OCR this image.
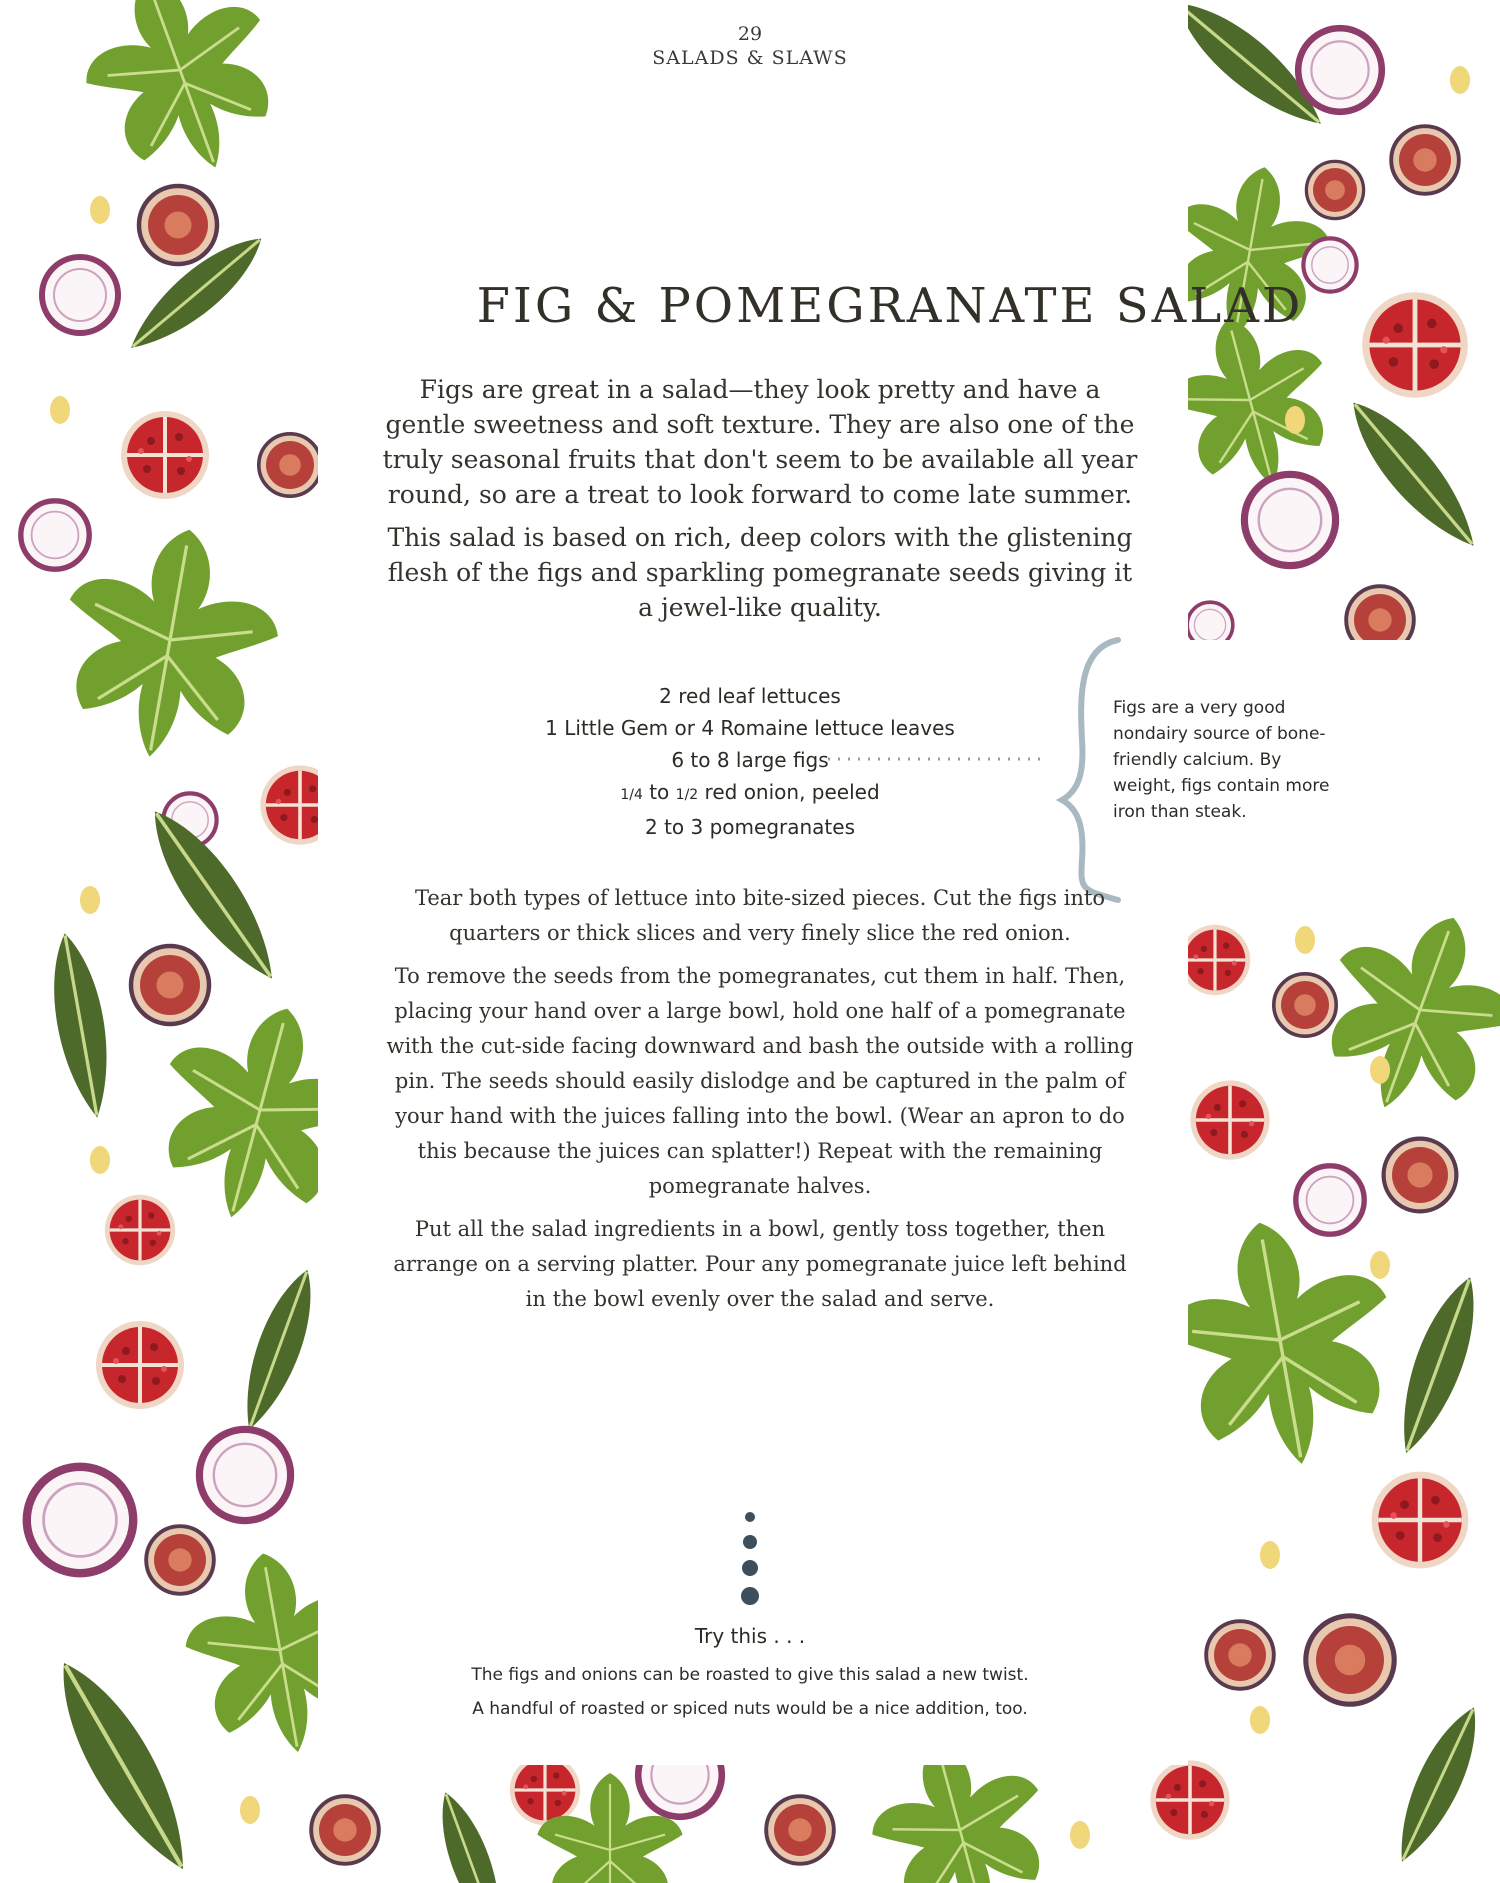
29
SALADS & SLAWS
FIG & POMEGRANATE SALAD

Figs are great in a salad—they look pretty and have a gentle sweetness and soft texture. They are also one of the truly seasonal fruits that don't seem to be available all year round, so are a treat to look forward to come late summer.

This salad is based on rich, deep colors with the glistening flesh of the figs and sparkling pomegranate seeds giving it a jewel-like quality.

2 red leaf lettuces
1 Little Gem or 4 Romaine lettuce leaves
6 to 8 large figs
1/4 to 1/2 red onion, peeled
2 to 3 pomegranates
Figs are a very good nondairy source of bone-friendly calcium. By weight, figs contain more iron than steak.

Tear both types of lettuce into bite-sized pieces. Cut the figs into quarters or thick slices and very finely slice the red onion.

To remove the seeds from the pomegranates, cut them in half. Then, placing your hand over a large bowl, hold one half of a pomegranate with the cut-side facing downward and bash the outside with a rolling pin. The seeds should easily dislodge and be captured in the palm of your hand with the juices falling into the bowl. (Wear an apron to do this because the juices can splatter!) Repeat with the remaining pomegranate halves.

Put all the salad ingredients in a bowl, gently toss together, then arrange on a serving platter. Pour any pomegranate juice left behind in the bowl evenly over the salad and serve.

Try this . . .
The figs and onions can be roasted to give this salad a new twist.
A handful of roasted or spiced nuts would be a nice addition, too.
